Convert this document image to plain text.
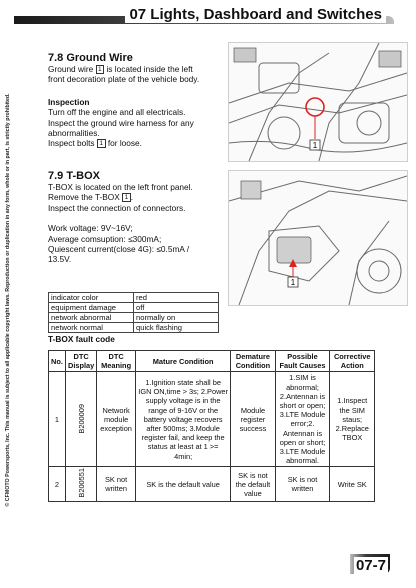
07 Lights, Dashboard and Switches
© CFMOTO Powersports, Inc. This manual is subject to all applicable copyright laws. Reproduction or duplication in any form, whole or in part, is strictly prohibited.

7.8 Ground Wire

Ground wire 1 is located inside the left
front decoration plate of the vehicle body.

Inspection

Turn off the engine and all electricals.
Inspect the ground wire harness for any
abnormalities.
Inspect bolts 1 for loose.	1

7.9 T-BOX

T-BOX is located on the left front panel.
Remove the T-BOX 1 .
Inspect the connection of connectors.

Work voltage: 9V~16V;
Average comsuption: ≤300mA;
Quiescent current(close 4G): ≤0.5mA /
13.5V.

1
indicator color	red
equipment damage	off
network abnormal	normally on
network normal	quick flashing
T-BOX fault code
No.	DTC Display	DTC Meaning	Mature Condition	Demature Condition	Possible Fault Causes	Corrective Action
1	B200009	Network module exception	1.Ignition state shall be IGN ON,time > 3s; 2.Power supply voltage is in the range of 9-16V or the battery voltage recovers after 500ms; 3.Module register fail, and keep the status at least at 1 >= 4min;	Module register success	1.SIM is abnormal; 2.Antennan is short or open; 3.LTE Module error;2. Antennan is open or short; 3.LTE Module abnormal.	1.Inspect the SIM staus; 2.Replace TBOX
2	B200551	SK not written	SK is the default value	SK is not the default value	SK is not written	Write SK
07-7
